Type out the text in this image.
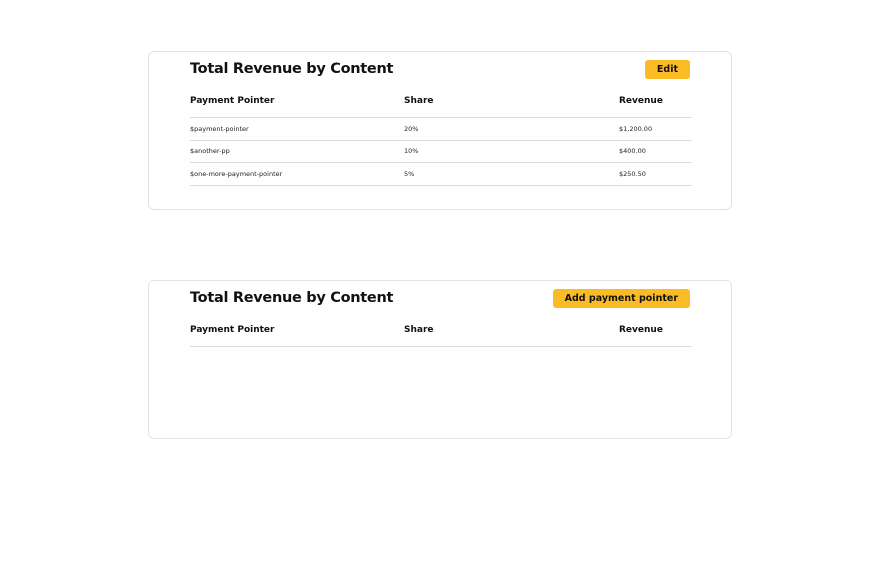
Total Revenue by Content	Edit
Payment Pointer	Share	Revenue
$payment-pointer	20%	$1,200.00
$another-pp	10%	$400.00
$one-more-payment-pointer	5%	$250.50
Total Revenue by Content	Add payment pointer
Payment Pointer	Share	Revenue
